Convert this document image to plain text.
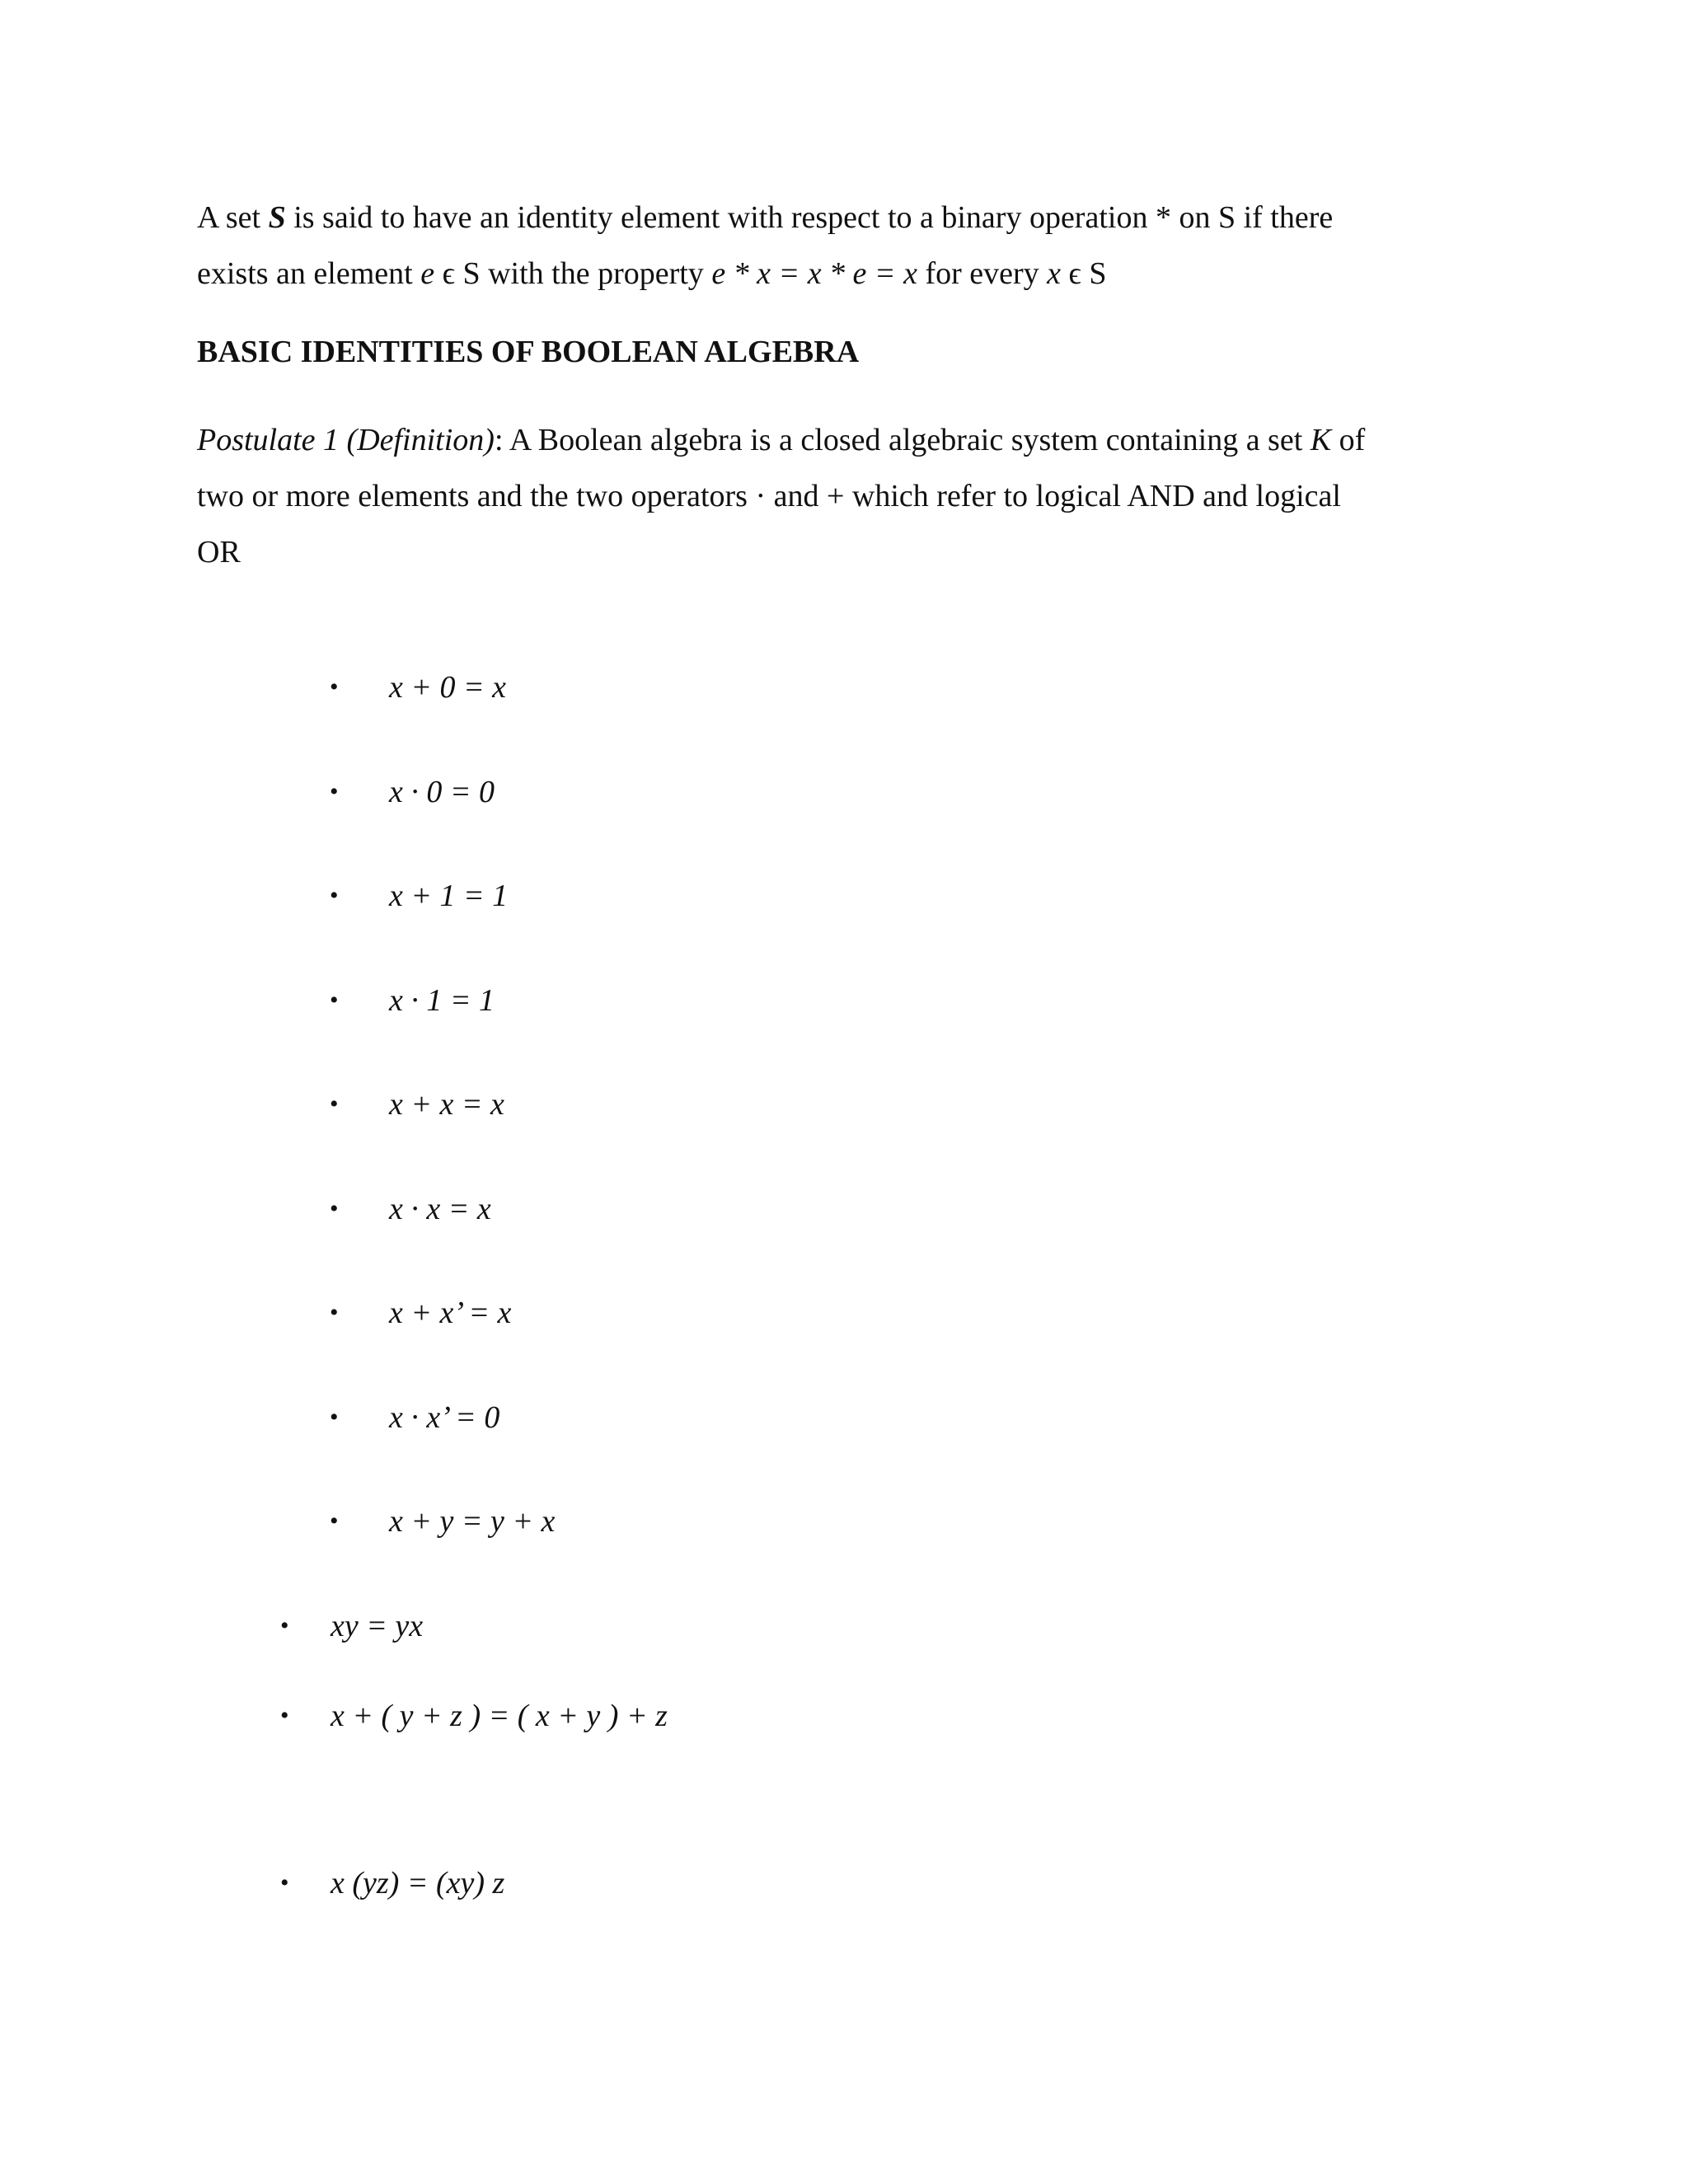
A set S is said to have an identity element with respect to a binary operation * on S if there
exists an element e ϵ S with the property e * x = x * e = x for every x ϵ S
BASIC IDENTITIES OF BOOLEAN ALGEBRA
Postulate 1 (Definition): A Boolean algebra is a closed algebraic system containing a set K of
two or more elements and the two operators · and + which refer to logical AND and logical
OR
• x + 0 = x
• x · 0 = 0
• x + 1 = 1
• x · 1 = 1
• x + x = x
• x · x = x
• x + x’ = x
• x · x’ = 0
• x + y = y + x
• xy = yx
• x + ( y + z ) = ( x + y ) + z
• x (yz) = (xy) z
